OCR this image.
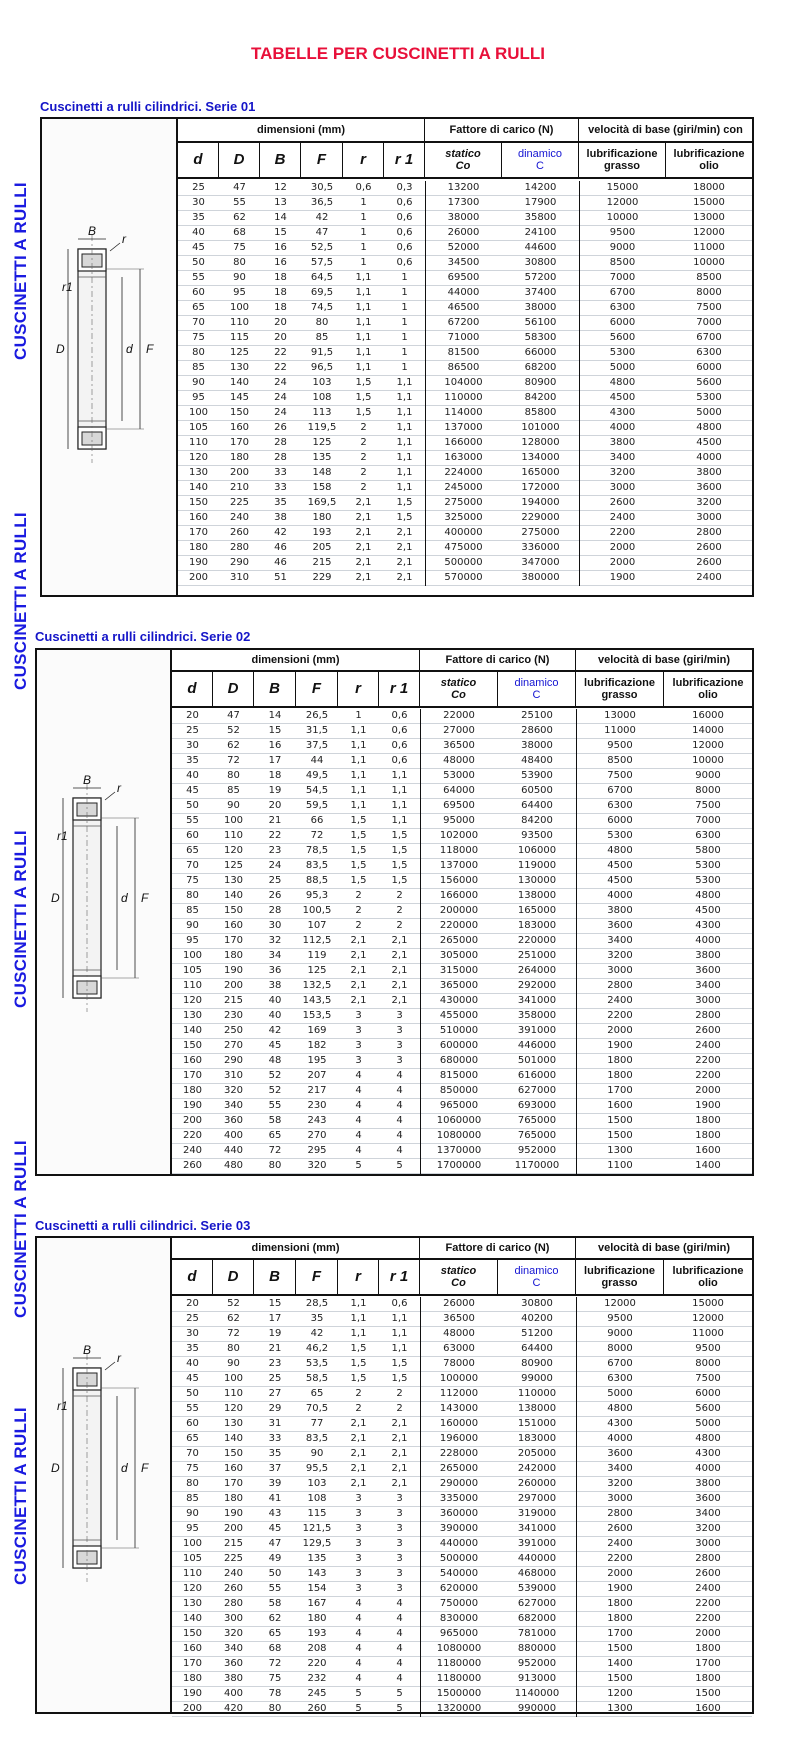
TABELLE PER CUSCINETTI A RULLI
CUSCINETTI A RULLI
CUSCINETTI A RULLI
CUSCINETTI A RULLI
CUSCINETTI A RULLI
CUSCINETTI A RULLI
Cuscinetti a rulli cilindrici. Serie 01
B
r
r1
D	d F
dimensioni (mm)	Fattore di carico (N)	velocità di base (giri/min) con
d	D	B	F	r	r 1	statico
Co
dinamico
C
lubrificazione
grasso
lubrificazione
olio
25	47	12	30,5	0,6	0,3	13200	14200	15000	18000
30	55	13	36,5	1	0,6	17300	17900	12000	15000
35	62	14	42	1	0,6	38000	35800	10000	13000
40	68	15	47	1	0,6	26000	24100	9500	12000
45	75	16	52,5	1	0,6	52000	44600	9000	11000
50	80	16	57,5	1	0,6	34500	30800	8500	10000
55	90	18	64,5	1,1	1	69500	57200	7000	8500
60	95	18	69,5	1,1	1	44000	37400	6700	8000
65	100	18	74,5	1,1	1	46500	38000	6300	7500
70	110	20	80	1,1	1	67200	56100	6000	7000
75	115	20	85	1,1	1	71000	58300	5600	6700
80	125	22	91,5	1,1	1	81500	66000	5300	6300
85	130	22	96,5	1,1	1	86500	68200	5000	6000
90	140	24	103	1,5	1,1	104000	80900	4800	5600
95	145	24	108	1,5	1,1	110000	84200	4500	5300
100	150	24	113	1,5	1,1	114000	85800	4300	5000
105	160	26	119,5	2	1,1	137000	101000	4000	4800
110	170	28	125	2	1,1	166000	128000	3800	4500
120	180	28	135	2	1,1	163000	134000	3400	4000
130	200	33	148	2	1,1	224000	165000	3200	3800
140	210	33	158	2	1,1	245000	172000	3000	3600
150	225	35	169,5	2,1	1,5	275000	194000	2600	3200
160	240	38	180	2,1	1,5	325000	229000	2400	3000
170	260	42	193	2,1	2,1	400000	275000	2200	2800
180	280	46	205	2,1	2,1	475000	336000	2000	2600
190	290	46	215	2,1	2,1	500000	347000	2000	2600
200	310	51	229	2,1	2,1	570000	380000	1900	2400
Cuscinetti a rulli cilindrici. Serie 02
B
r
r1
D	d F
dimensioni (mm)	Fattore di carico (N)	velocità di base (giri/min)
d	D	B	F	r	r 1	statico
Co
dinamico
C
lubrificazione
grasso
lubrificazione
olio
20	47	14	26,5	1	0,6	22000	25100	13000	16000
25	52	15	31,5	1,1	0,6	27000	28600	11000	14000
30	62	16	37,5	1,1	0,6	36500	38000	9500	12000
35	72	17	44	1,1	0,6	48000	48400	8500	10000
40	80	18	49,5	1,1	1,1	53000	53900	7500	9000
45	85	19	54,5	1,1	1,1	64000	60500	6700	8000
50	90	20	59,5	1,1	1,1	69500	64400	6300	7500
55	100	21	66	1,5	1,1	95000	84200	6000	7000
60	110	22	72	1,5	1,5	102000	93500	5300	6300
65	120	23	78,5	1,5	1,5	118000	106000	4800	5800
70	125	24	83,5	1,5	1,5	137000	119000	4500	5300
75	130	25	88,5	1,5	1,5	156000	130000	4500	5300
80	140	26	95,3	2	2	166000	138000	4000	4800
85	150	28	100,5	2	2	200000	165000	3800	4500
90	160	30	107	2	2	220000	183000	3600	4300
95	170	32	112,5	2,1	2,1	265000	220000	3400	4000
100	180	34	119	2,1	2,1	305000	251000	3200	3800
105	190	36	125	2,1	2,1	315000	264000	3000	3600
110	200	38	132,5	2,1	2,1	365000	292000	2800	3400
120	215	40	143,5	2,1	2,1	430000	341000	2400	3000
130	230	40	153,5	3	3	455000	358000	2200	2800
140	250	42	169	3	3	510000	391000	2000	2600
150	270	45	182	3	3	600000	446000	1900	2400
160	290	48	195	3	3	680000	501000	1800	2200
170	310	52	207	4	4	815000	616000	1800	2200
180	320	52	217	4	4	850000	627000	1700	2000
190	340	55	230	4	4	965000	693000	1600	1900
200	360	58	243	4	4	1060000	765000	1500	1800
220	400	65	270	4	4	1080000	765000	1500	1800
240	440	72	295	4	4	1370000	952000	1300	1600
260	480	80	320	5	5	1700000	1170000	1100	1400
Cuscinetti a rulli cilindrici. Serie 03
B
r
r1
D	d F
dimensioni (mm)	Fattore di carico (N)	velocità di base (giri/min)
d	D	B	F	r	r 1	statico
Co
dinamico
C
lubrificazione
grasso
lubrificazione
olio
20	52	15	28,5	1,1	0,6	26000	30800	12000	15000
25	62	17	35	1,1	1,1	36500	40200	9500	12000
30	72	19	42	1,1	1,1	48000	51200	9000	11000
35	80	21	46,2	1,5	1,1	63000	64400	8000	9500
40	90	23	53,5	1,5	1,5	78000	80900	6700	8000
45	100	25	58,5	1,5	1,5	100000	99000	6300	7500
50	110	27	65	2	2	112000	110000	5000	6000
55	120	29	70,5	2	2	143000	138000	4800	5600
60	130	31	77	2,1	2,1	160000	151000	4300	5000
65	140	33	83,5	2,1	2,1	196000	183000	4000	4800
70	150	35	90	2,1	2,1	228000	205000	3600	4300
75	160	37	95,5	2,1	2,1	265000	242000	3400	4000
80	170	39	103	2,1	2,1	290000	260000	3200	3800
85	180	41	108	3	3	335000	297000	3000	3600
90	190	43	115	3	3	360000	319000	2800	3400
95	200	45	121,5	3	3	390000	341000	2600	3200
100	215	47	129,5	3	3	440000	391000	2400	3000
105	225	49	135	3	3	500000	440000	2200	2800
110	240	50	143	3	3	540000	468000	2000	2600
120	260	55	154	3	3	620000	539000	1900	2400
130	280	58	167	4	4	750000	627000	1800	2200
140	300	62	180	4	4	830000	682000	1800	2200
150	320	65	193	4	4	965000	781000	1700	2000
160	340	68	208	4	4	1080000	880000	1500	1800
170	360	72	220	4	4	1180000	952000	1400	1700
180	380	75	232	4	4	1180000	913000	1500	1800
190	400	78	245	5	5	1500000	1140000	1200	1500
200	420	80	260	5	5	1320000	990000	1300	1600
